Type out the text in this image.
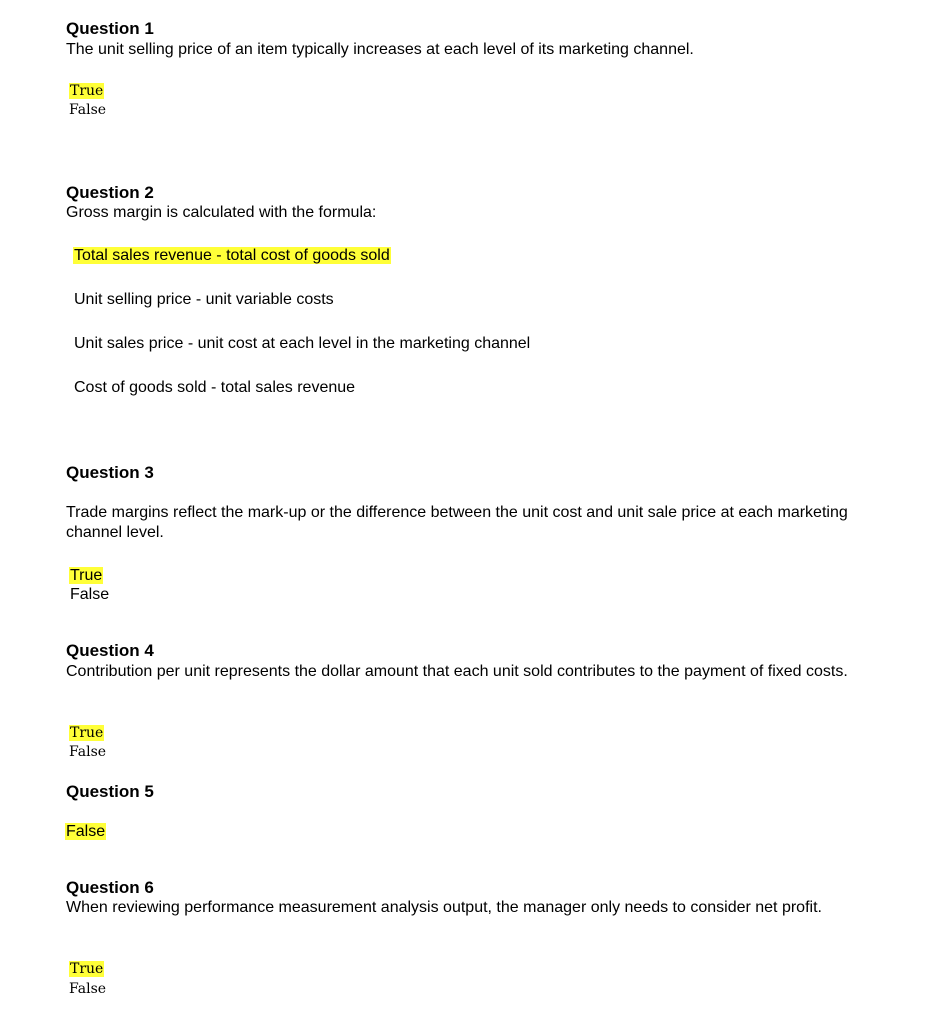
Question 1
The unit selling price of an item typically increases at each level of its marketing channel.
True
False
Question 2
Gross margin is calculated with the formula:
Total sales revenue - total cost of goods sold
Unit selling price - unit variable costs
Unit sales price - unit cost at each level in the marketing channel
Cost of goods sold - total sales revenue
Question 3
Trade margins reflect the mark-up or the difference between the unit cost and unit sale price at each marketing channel level.
True
False
Question 4
Contribution per unit represents the dollar amount that each unit sold contributes to the payment of fixed costs.
True
False
Question 5
False
Question 6
When reviewing performance measurement analysis output, the manager only needs to consider net profit.
True
False
